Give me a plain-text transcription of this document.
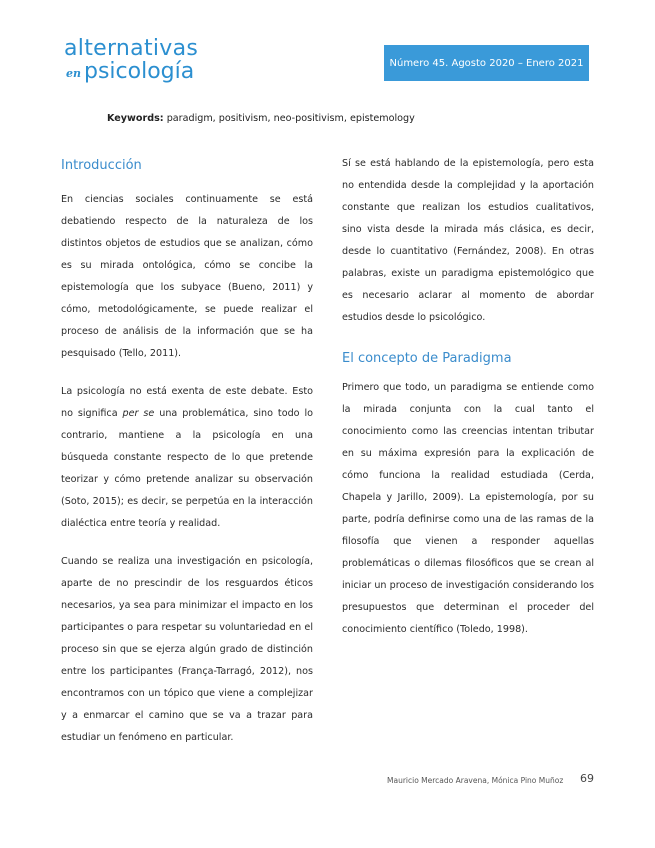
alternativas
en psicología	Número 45. Agosto 2020 – Enero 2021
Keywords: paradigm, positivism, neo-positivism, epistemology
Introducción

En ciencias sociales continuamente se está debatiendo respecto de la naturaleza de los distintos objetos de estudios que se analizan, cómo es su mirada ontológica, cómo se concibe la epistemología que los subyace (Bueno, 2011) y cómo, metodológicamente, se puede realizar el proceso de análisis de la información que se ha pesquisado (Tello, 2011).

La psicología no está exenta de este debate. Esto no significa per se una problemática, sino todo lo contrario, mantiene a la psicología en una búsqueda constante respecto de lo que pretende teorizar y cómo pretende analizar su observación (Soto, 2015); es decir, se perpetúa en la interacción dialéctica entre teoría y realidad.

Cuando se realiza una investigación en psicología, aparte de no prescindir de los resguardos éticos necesarios, ya sea para minimizar el impacto en los participantes o para respetar su voluntariedad en el proceso sin que se ejerza algún grado de distinción entre los participantes (França-Tarragó, 2012), nos encontramos con un tópico que viene a complejizar y a enmarcar el camino que se va a trazar para estudiar un fenómeno en particular.

Sí se está hablando de la epistemología, pero esta no entendida desde la complejidad y la aportación constante que realizan los estudios cualitativos, sino vista desde la mirada más clásica, es decir, desde lo cuantitativo (Fernández, 2008). En otras palabras, existe un paradigma epistemológico que es necesario aclarar al momento de abordar estudios desde lo psicológico.

El concepto de Paradigma

Primero que todo, un paradigma se entiende como la mirada conjunta con la cual tanto el conocimiento como las creencias intentan tributar en su máxima expresión para la explicación de cómo funciona la realidad estudiada (Cerda, Chapela y Jarillo, 2009). La epistemología, por su parte, podría definirse como una de las ramas de la filosofía que vienen a responder aquellas problemáticas o dilemas filosóficos que se crean al iniciar un proceso de investigación considerando los presupuestos que determinan el proceder del conocimiento científico (Toledo, 1998).

Mauricio Mercado Aravena, Mónica Pino Muñoz 69
